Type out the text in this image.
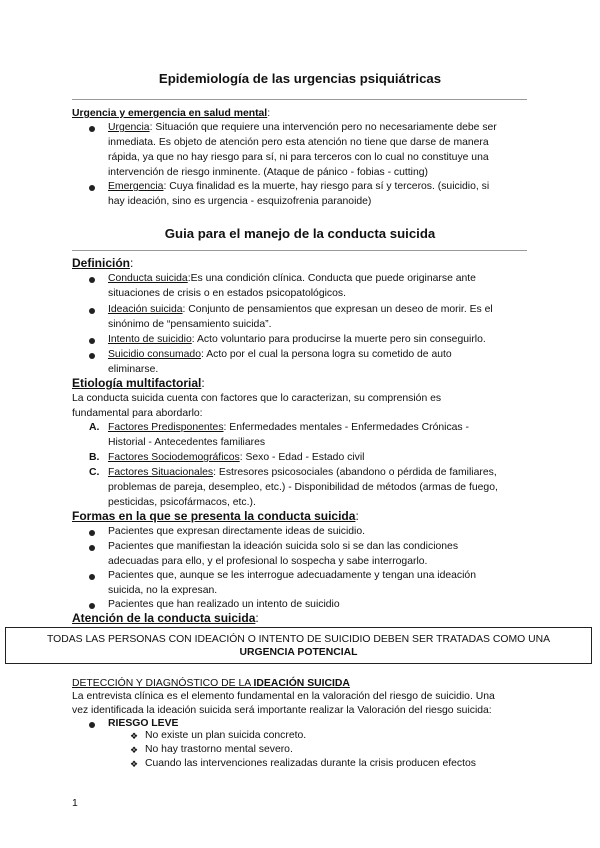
Epidemiología de las urgencias psiquiátricas
Urgencia y emergencia en salud mental:
Urgencia: Situación que requiere una intervención pero no necesariamente debe ser
inmediata. Es objeto de atención pero esta atención no tiene que darse de manera
rápida, ya que no hay riesgo para sí, ni para terceros con lo cual no constituye una
intervención de riesgo inminente. (Ataque de pánico - fobias - cutting)
Emergencia: Cuya finalidad es la muerte, hay riesgo para sí y terceros. (suicidio, si
hay ideación, sino es urgencia - esquizofrenia paranoide)
Guia para el manejo de la conducta suicida
Definición:
Conducta suicida:Es una condición clínica. Conducta que puede originarse ante
situaciones de crisis o en estados psicopatológicos.
Ideación suicida: Conjunto de pensamientos que expresan un deseo de morir. Es el
sinónimo de “pensamiento suicida”.
Intento de suicidio: Acto voluntario para producirse la muerte pero sin conseguirlo.
Suicidio consumado: Acto por el cual la persona logra su cometido de auto
eliminarse.
Etiología multifactorial:
La conducta suicida cuenta con factores que lo caracterizan, su comprensión es
fundamental para abordarlo:
A. Factores Predisponentes: Enfermedades mentales - Enfermedades Crónicas -
Historial - Antecedentes familiares
B. Factores Sociodemográficos: Sexo - Edad - Estado civil
C. Factores Situacionales: Estresores psicosociales (abandono o pérdida de familiares,
problemas de pareja, desempleo, etc.) - Disponibilidad de métodos (armas de fuego,
pesticidas, psicofármacos, etc.).
Formas en la que se presenta la conducta suicida:
Pacientes que expresan directamente ideas de suicidio.
Pacientes que manifiestan la ideación suicida solo si se dan las condiciones
adecuadas para ello, y el profesional lo sospecha y sabe interrogarlo.
Pacientes que, aunque se les interrogue adecuadamente y tengan una ideación
suicida, no la expresan.
Pacientes que han realizado un intento de suicidio
Atención de la conducta suicida:
TODAS LAS PERSONAS CON IDEACIÓN O INTENTO DE SUICIDIO DEBEN SER TRATADAS COMO UNA
URGENCIA POTENCIAL
DETECCIÓN Y DIAGNÓSTICO DE LA IDEACIÓN SUICIDA
La entrevista clínica es el elemento fundamental en la valoración del riesgo de suicidio. Una
vez identificada la ideación suicida será importante realizar la Valoración del riesgo suicida:
RIESGO LEVE
❖ No existe un plan suicida concreto.
❖ No hay trastorno mental severo.
❖ Cuando las intervenciones realizadas durante la crisis producen efectos
1
